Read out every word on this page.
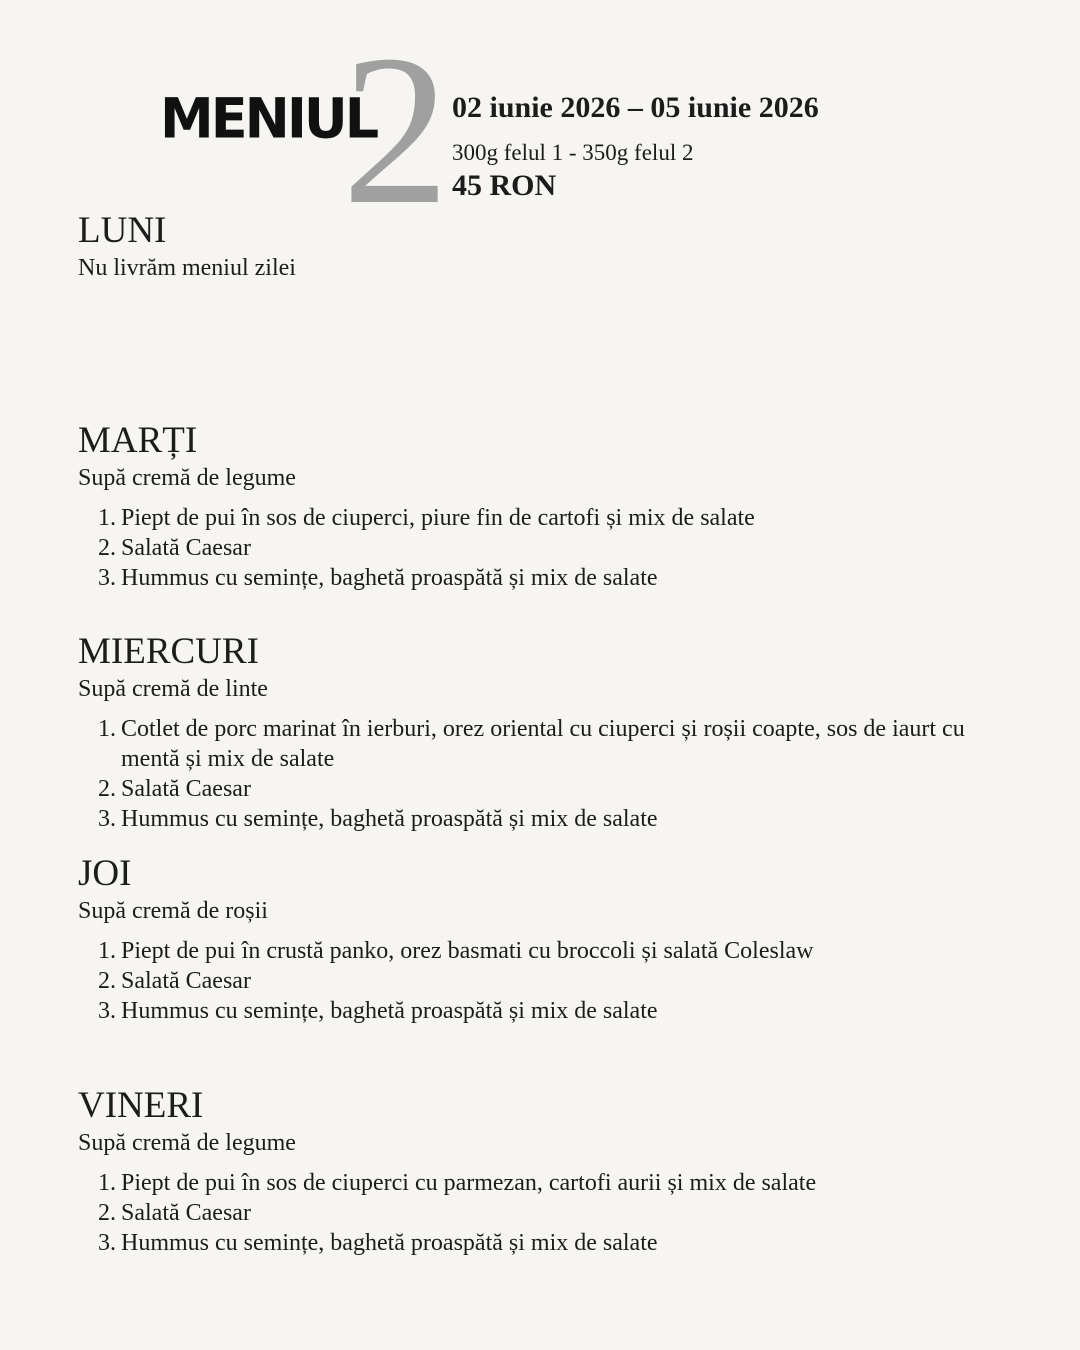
MENIUL
2 02 iunie 2026 – 05 iunie 2026
300g felul 1 - 350g felul 2
45 RON
LUNI

Nu livrăm meniul zilei

MARȚI

Supă cremă de legume

1. Piept de pui în sos de ciuperci, piure fin de cartofi și mix de salate
2. Salată Caesar
3. Hummus cu semințe, baghetă proaspătă și mix de salate
MIERCURI

Supă cremă de linte

1. Cotlet de porc marinat în ierburi, orez oriental cu ciuperci și roșii coapte, sos de iaurt cu mentă și mix de salate
2. Salată Caesar
3. Hummus cu semințe, baghetă proaspătă și mix de salate
JOI

Supă cremă de roșii

1. Piept de pui în crustă panko, orez basmati cu broccoli și salată Coleslaw
2. Salată Caesar
3. Hummus cu semințe, baghetă proaspătă și mix de salate
VINERI

Supă cremă de legume

1. Piept de pui în sos de ciuperci cu parmezan, cartofi aurii și mix de salate
2. Salată Caesar
3. Hummus cu semințe, baghetă proaspătă și mix de salate
